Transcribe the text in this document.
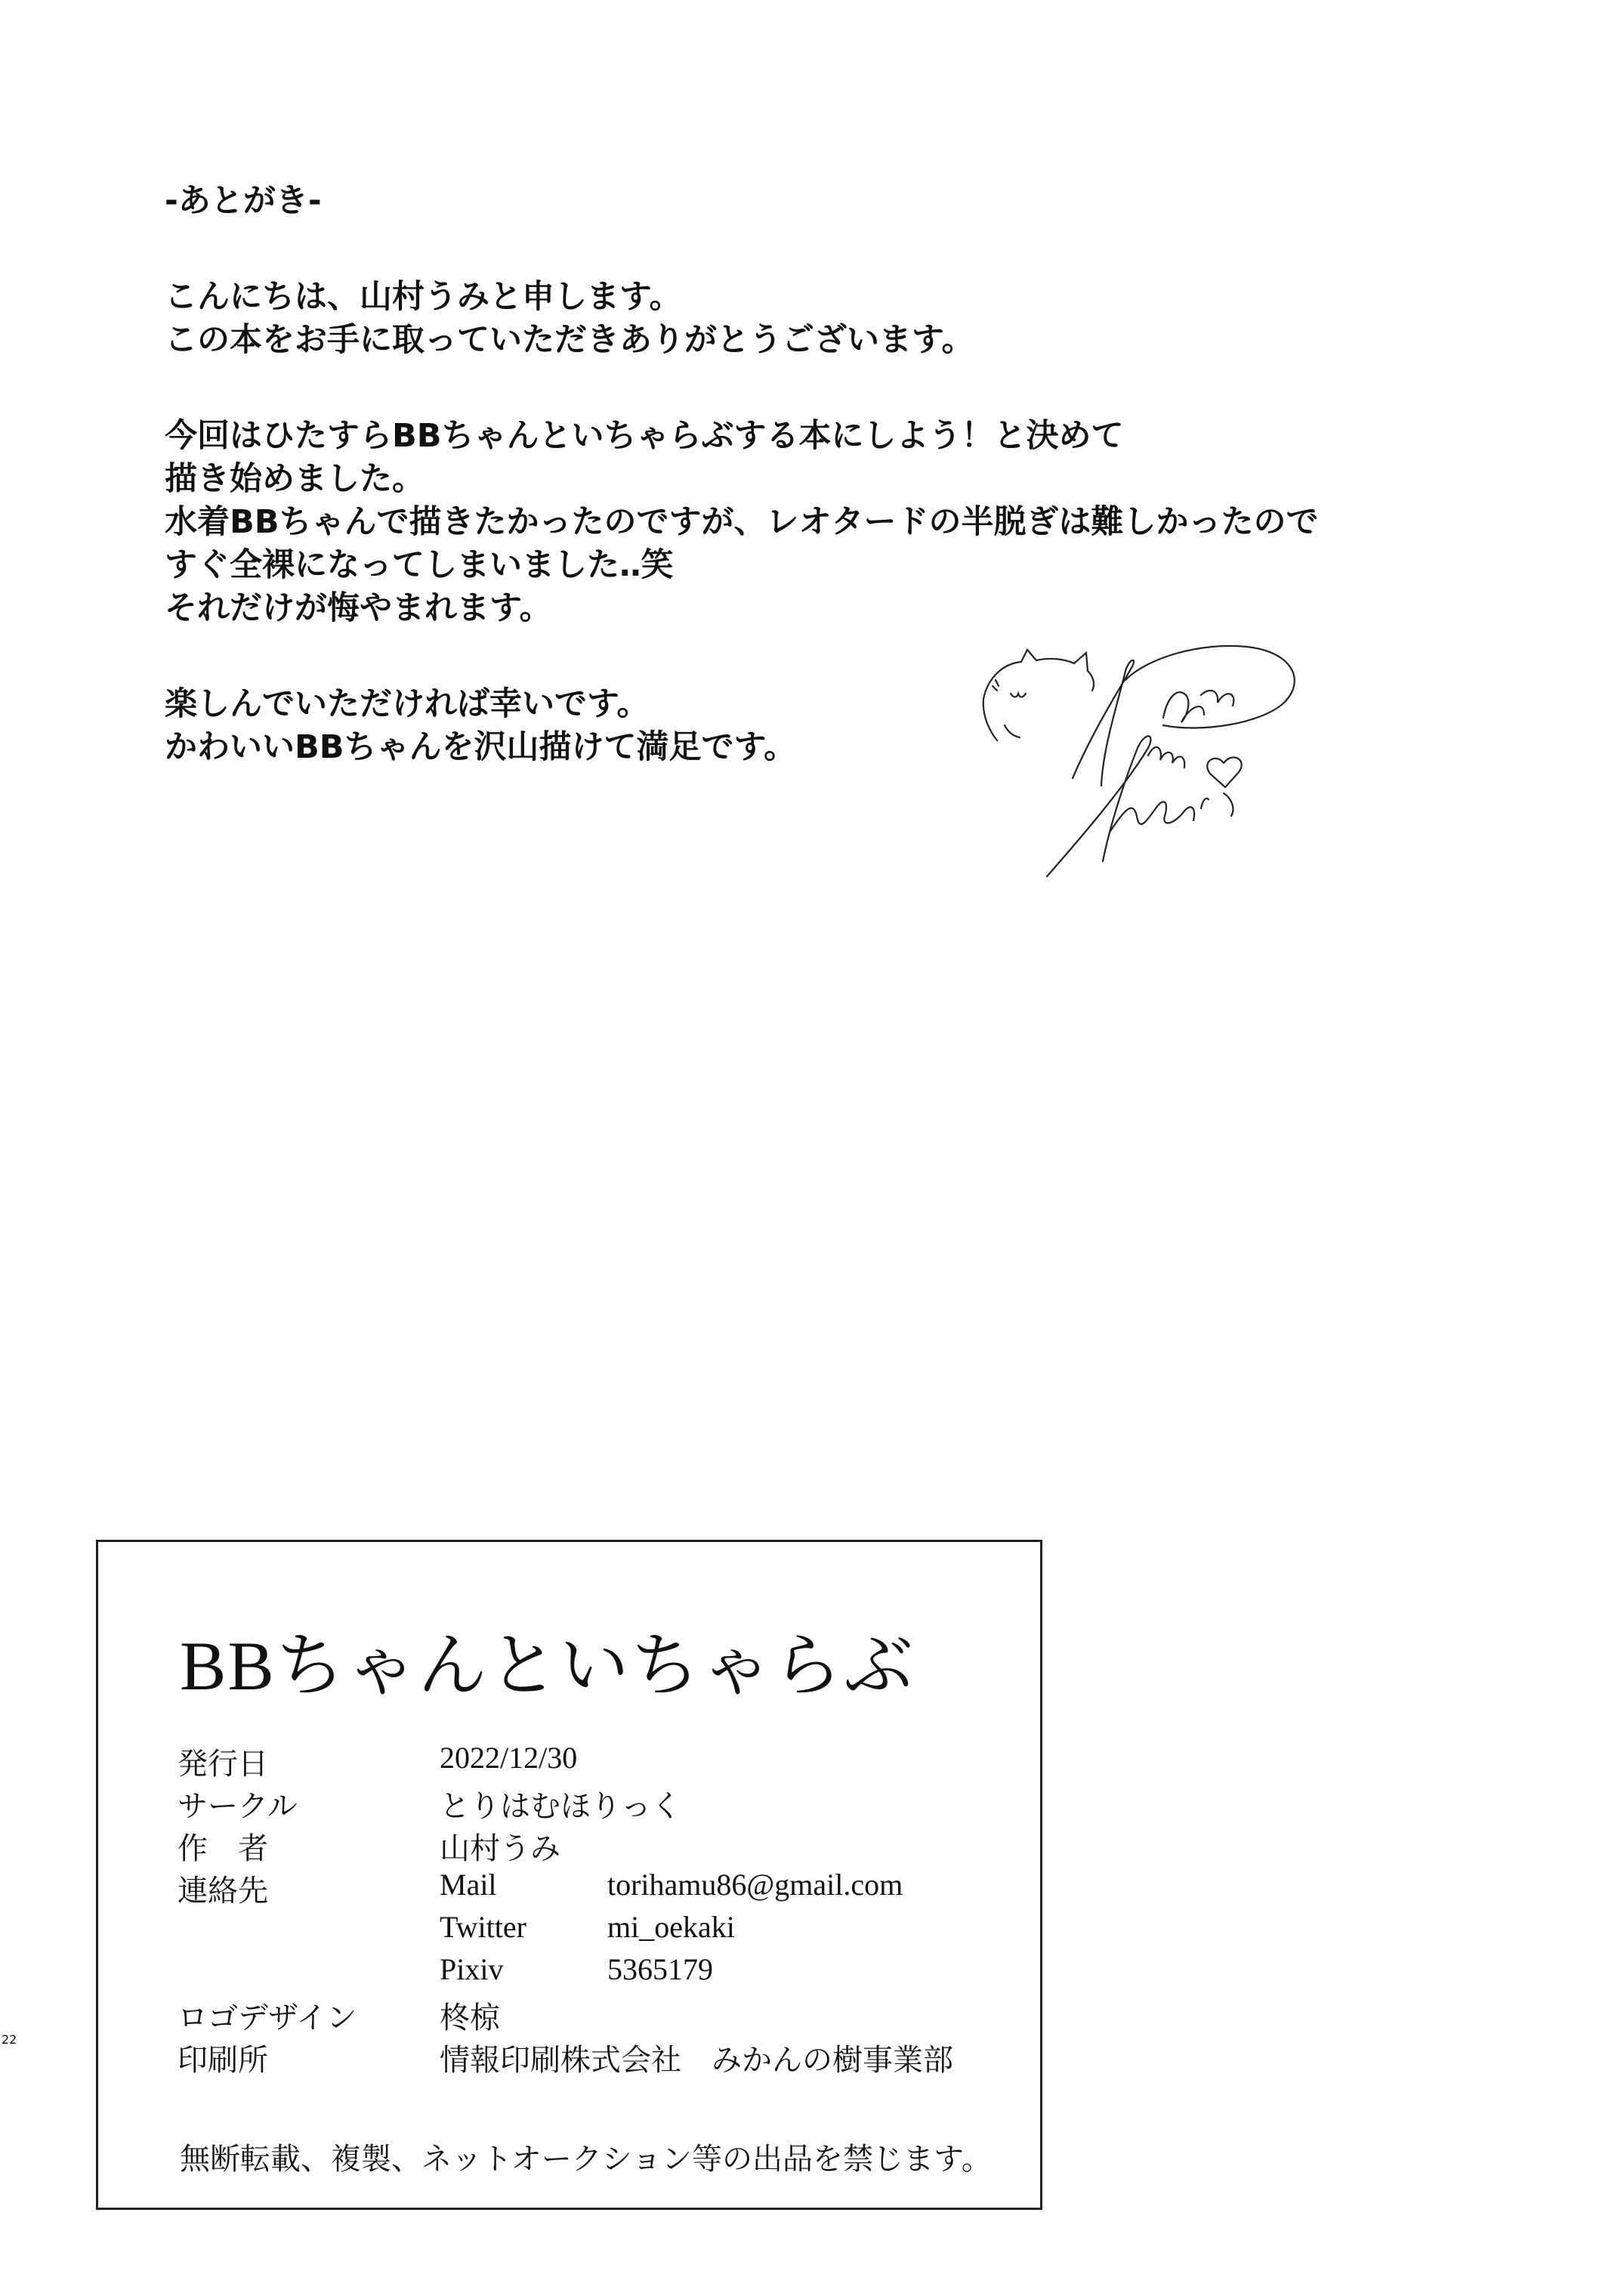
-あとがき-

こんにちは、山村うみと申します。

この本をお手に取っていただきありがとうございます。

今回はひたすらBBちゃんといちゃらぶする本にしよう！と決めて

描き始めました。

水着BBちゃんで描きたかったのですが、レオタードの半脱ぎは難しかったので

すぐ全裸になってしまいました‥笑

それだけが悔やまれます。

楽しんでいただければ幸いです。

かわいいBBちゃんを沢山描けて満足です。

Yamamura Umi
BBちゃんといちゃらぶ
発行日	2022/12/30
サークル	とりはむほりっく
作　者	山村うみ
連絡先	Mail	torihamu86@gmail.com
Twitter	mi_oekaki
Pixiv	5365179
ロゴデザイン	柊椋
印刷所	情報印刷株式会社　みかんの樹事業部
無断転載、複製、ネットオークション等の出品を禁じます。
22
